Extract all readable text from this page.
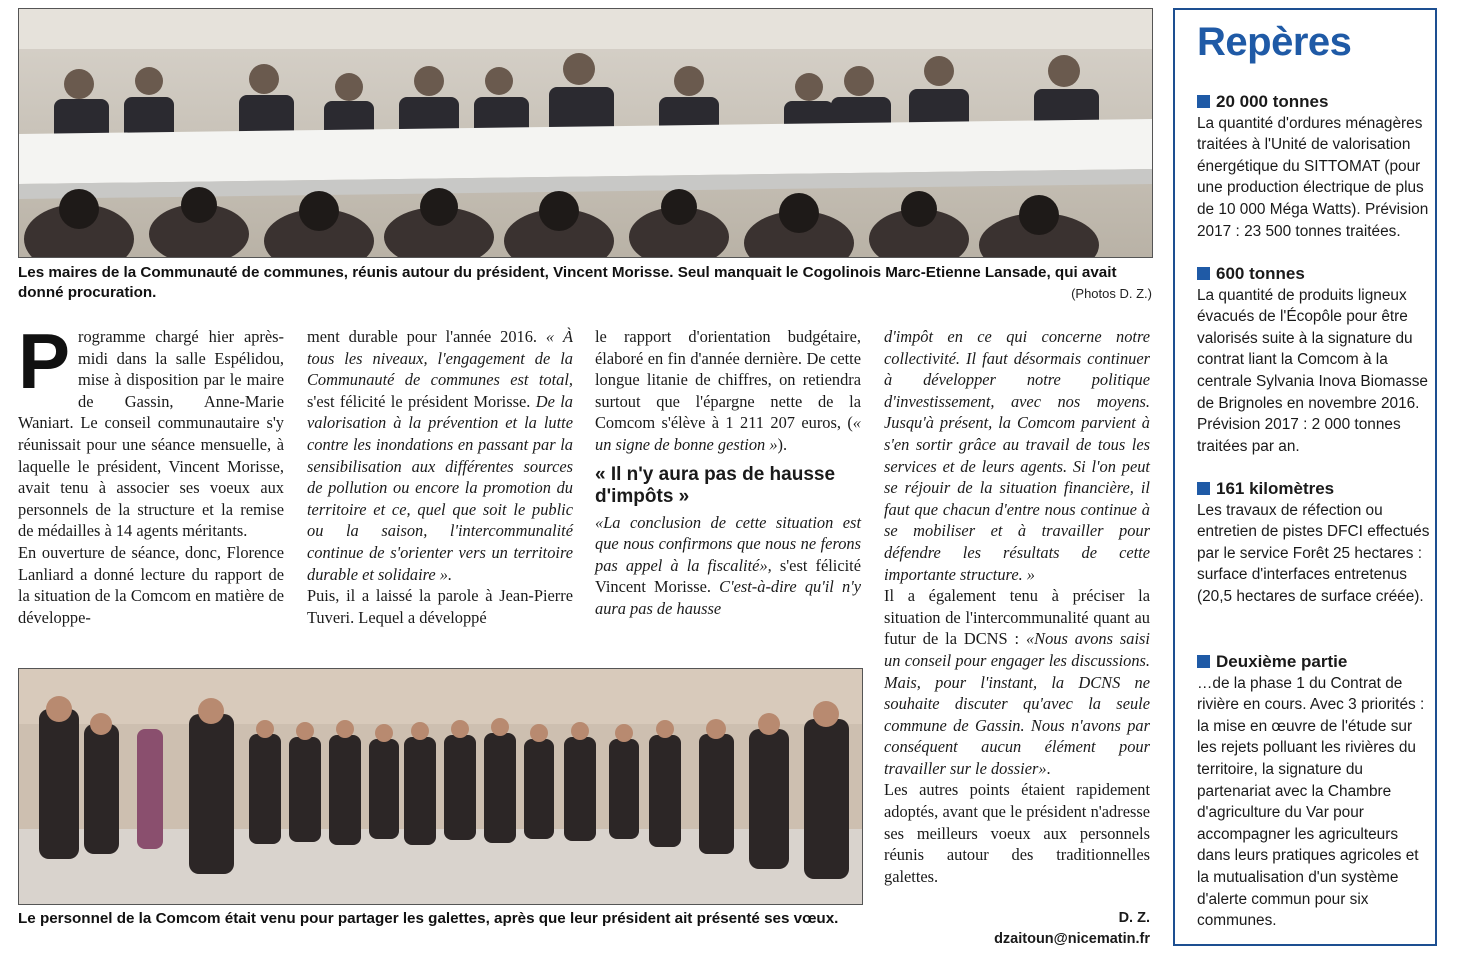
Les maires de la Communauté de communes, réunis autour du président, Vincent Morisse. Seul manquait le Cogolinois Marc-Etienne Lansade, qui avait donné procuration.	(Photos D. Z.)

Programme chargé hier après-midi dans la salle Espélidou, mise à disposition par le maire de Gassin, Anne-Marie Waniart. Le conseil communautaire s'y réunissait pour une séance mensuelle, à laquelle le président, Vincent Morisse, avait tenu à associer ses voeux aux personnels de la structure et la remise de médailles à 14 agents méritants.

En ouverture de séance, donc, Florence Lanliard a donné lecture du rapport de la situation de la Comcom en matière de développe-

ment durable pour l'année 2016. « À tous les niveaux, l'engagement de la Communauté de communes est total, s'est félicité le président Morisse. De la valorisation à la prévention et la lutte contre les inondations en passant par la sensibilisation aux différentes sources de pollution ou encore la promotion du territoire et ce, quel que soit le public ou la saison, l'intercommunalité continue de s'orienter vers un territoire durable et solidaire ».

Puis, il a laissé la parole à Jean-Pierre Tuveri. Lequel a développé

le rapport d'orientation budgétaire, élaboré en fin d'année dernière. De cette longue litanie de chiffres, on retiendra surtout que l'épargne nette de la Comcom s'élève à 1 211 207 euros, (« un signe de bonne gestion »).

« Il n'y aura pas de hausse d'impôts »

«La conclusion de cette situation est que nous confirmons que nous ne ferons pas appel à la fiscalité», s'est félicité Vincent Morisse. C'est-à-dire qu'il n'y aura pas de hausse

d'impôt en ce qui concerne notre collectivité. Il faut désormais continuer à développer notre politique d'investissement, avec nos moyens. Jusqu'à présent, la Comcom parvient à s'en sortir grâce au travail de tous les services et de leurs agents. Si l'on peut se réjouir de la situation financière, il faut que chacun d'entre nous continue à se mobiliser et à travailler pour défendre les résultats de cette importante structure. »

Il a également tenu à préciser la situation de l'intercommunalité quant au futur de la DCNS : «Nous avons saisi un conseil pour engager les discussions. Mais, pour l'instant, la DCNS ne souhaite discuter qu'avec la seule commune de Gassin. Nous n'avons par conséquent aucun élément pour travailler sur le dossier».

Les autres points étaient rapidement adoptés, avant que le président n'adresse ses meilleurs voeux aux personnels réunis autour des traditionnelles galettes.

D. Z.
dzaitoun@nicematin.fr
Le personnel de la Comcom était venu pour partager les galettes, après que leur président ait présenté ses vœux.
Repères
20 000 tonnes
La quantité d'ordures ménagères traitées à l'Unité de valorisation énergétique du SITTOMAT (pour une production électrique de plus de 10 000 Méga Watts). Prévision 2017 : 23 500 tonnes traitées.
600 tonnes
La quantité de produits ligneux évacués de l'Écopôle pour être valorisés suite à la signature du contrat liant la Comcom à la centrale Sylvania Inova Biomasse de Brignoles en novembre 2016. Prévision 2017 : 2 000 tonnes traitées par an.
161 kilomètres
Les travaux de réfection ou entretien de pistes DFCI effectués par le service Forêt 25 hectares : surface d'interfaces entretenus (20,5 hectares de surface créée).
Deuxième partie
…de la phase 1 du Contrat de rivière en cours. Avec 3 priorités : la mise en œuvre de l'étude sur les rejets polluant les rivières du territoire, la signature du partenariat avec la Chambre d'agriculture du Var pour accompagner les agriculteurs dans leurs pratiques agricoles et la mutualisation d'un système d'alerte commun pour six communes.
